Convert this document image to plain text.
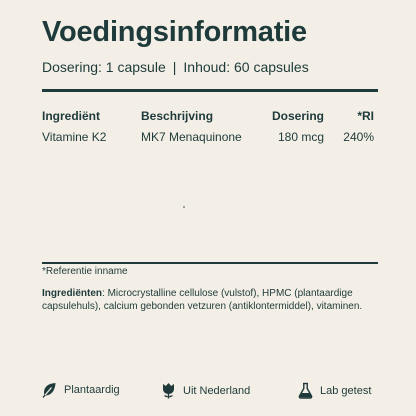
Voedingsinformatie
Dosering: 1 capsule | Inhoud: 60 capsules
Ingrediënt	Beschrijving	Dosering	*RI
Vitamine K2	MK7 Menaquinone	180 mcg 240%
*Referentie inname
Ingrediënten: Microcrystalline cellulose (vulstof), HPMC (plantaardige capsulehuls), calcium gebonden vetzuren (antiklontermiddel), vitaminen.
Plantaardig	Uit Nederland	Lab getest
